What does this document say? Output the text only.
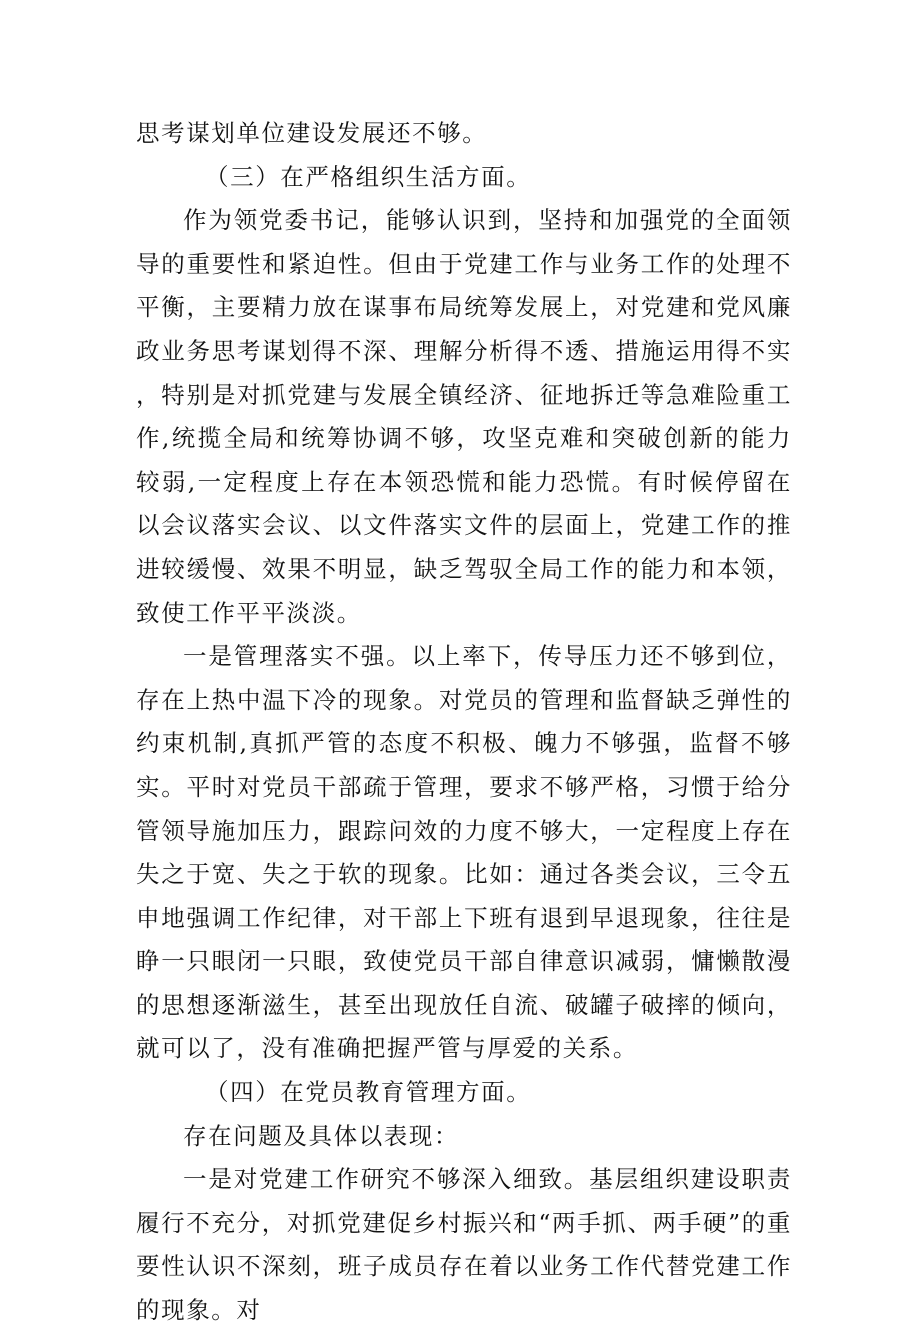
思考谋划单位建设发展还不够。

（三）在严格组织生活方面。

作为领党委书记，能够认识到，坚持和加强党的全面领导的重要性和紧迫性。但由于党建工作与业务工作的处理不平衡，主要精力放在谋事布局统筹发展上，对党建和党风廉政业务思考谋划得不深、理解分析得不透、措施运用得不实，特别是对抓党建与发展全镇经济、征地拆迁等急难险重工作,统揽全局和统筹协调不够，攻坚克难和突破创新的能力较弱,一定程度上存在本领恐慌和能力恐慌。有时候停留在以会议落实会议、以文件落实文件的层面上，党建工作的推进较缓慢、效果不明显，缺乏驾驭全局工作的能力和本领，致使工作平平淡淡。

一是管理落实不强。以上率下，传导压力还不够到位，存在上热中温下冷的现象。对党员的管理和监督缺乏弹性的约束机制,真抓严管的态度不积极、魄力不够强，监督不够实。平时对党员干部疏于管理，要求不够严格，习惯于给分管领导施加压力，跟踪问效的力度不够大，一定程度上存在失之于宽、失之于软的现象。比如：通过各类会议，三令五申地强调工作纪律，对干部上下班有退到早退现象，往往是睁一只眼闭一只眼，致使党员干部自律意识减弱，慵懒散漫的思想逐渐滋生，甚至出现放任自流、破罐子破摔的倾向，就可以了，没有准确把握严管与厚爱的关系。

（四）在党员教育管理方面。

存在问题及具体以表现：

一是对党建工作研究不够深入细致。基层组织建设职责履行不充分，对抓党建促乡村振兴和“两手抓、两手硬”的重要性认识不深刻，班子成员存在着以业务工作代替党建工作的现象。对
